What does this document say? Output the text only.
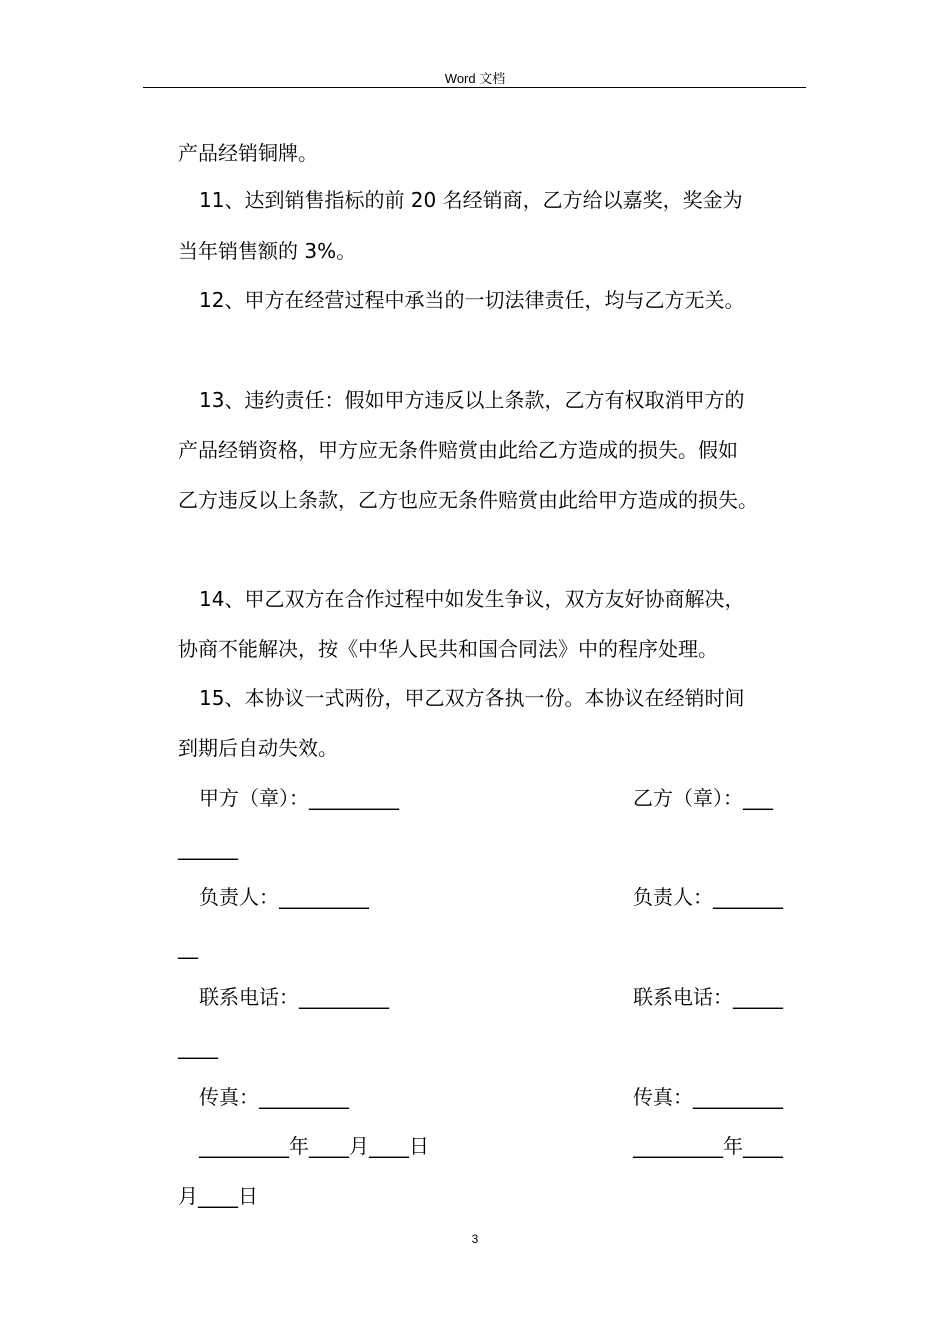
Word 文档
产品经销铜牌。
11、达到销售指标的前 20 名经销商，乙方给以嘉奖，奖金为
当年销售额的 3%。
12、甲方在经营过程中承当的一切法律责任，均与乙方无关。
13、违约责任：假如甲方违反以上条款，乙方有权取消甲方的
产品经销资格，甲方应无条件赔赏由此给乙方造成的损失。假如
乙方违反以上条款，乙方也应无条件赔赏由此给甲方造成的损失。
14、甲乙双方在合作过程中如发生争议，双方友好协商解决，
协商不能解决，按《中华人民共和国合同法》中的程序处理。
15、本协议一式两份，甲乙双方各执一份。本协议在经销时间
到期后自动失效。
甲方（章）：_________	乙方（章）：___
______
负责人：_________	负责人：_______
__
联系电话：_________	联系电话：_____
____
传真：_________	传真：_________
_________年____月____日	_________年____
月____日
3
